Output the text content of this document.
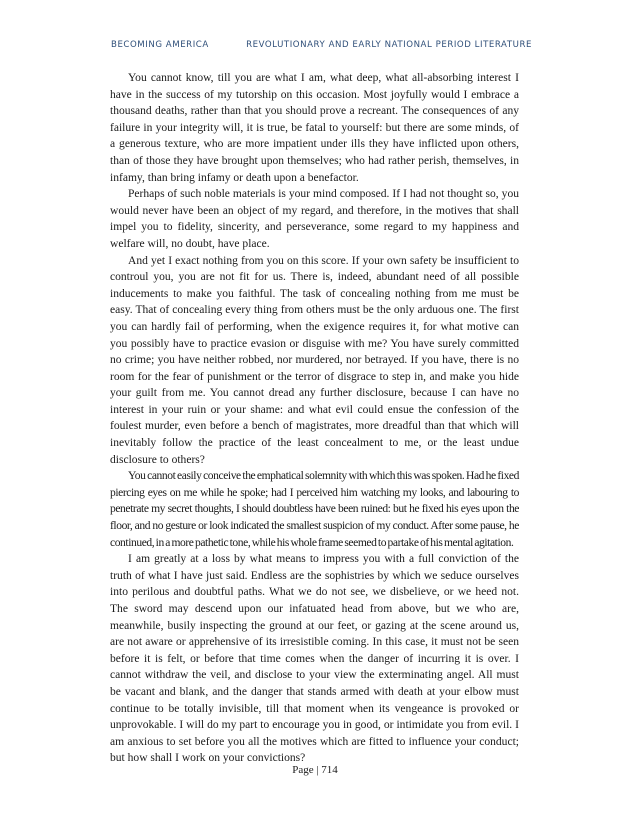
BECOMING AMERICA	REVOLUTIONARY AND EARLY NATIONAL PERIOD LITERATURE

You cannot know, till you are what I am, what deep, what all-absorbing interest I have in the success of my tutorship on this occasion. Most joyfully would I embrace a thousand deaths, rather than that you should prove a recreant. The consequences of any failure in your integrity will, it is true, be fatal to yourself: but there are some minds, of a generous texture, who are more impatient under ills they have inflicted upon others, than of those they have brought upon themselves; who had rather perish, themselves, in infamy, than bring infamy or death upon a benefactor.

Perhaps of such noble materials is your mind composed. If I had not thought so, you would never have been an object of my regard, and therefore, in the motives that shall impel you to fidelity, sincerity, and perseverance, some regard to my happiness and welfare will, no doubt, have place.

And yet I exact nothing from you on this score. If your own safety be insufficient to controul you, you are not fit for us. There is, indeed, abundant need of all possible inducements to make you faithful. The task of concealing nothing from me must be easy. That of concealing every thing from others must be the only arduous one. The first you can hardly fail of performing, when the exigence requires it, for what motive can you possibly have to practice evasion or disguise with me? You have surely committed no crime; you have neither robbed, nor murdered, nor betrayed. If you have, there is no room for the fear of punishment or the terror of disgrace to step in, and make you hide your guilt from me. You cannot dread any further disclosure, because I can have no interest in your ruin or your shame: and what evil could ensue the confession of the foulest murder, even before a bench of magistrates, more dreadful than that which will inevitably follow the practice of the least concealment to me, or the least undue disclosure to others?

You cannot easily conceive the emphatical solemnity with which this was spoken. Had he fixed piercing eyes on me while he spoke; had I perceived him watching my looks, and labouring to penetrate my secret thoughts, I should doubtless have been ruined: but he fixed his eyes upon the floor, and no gesture or look indicated the smallest suspicion of my conduct. After some pause, he continued, in a more pathetic tone, while his whole frame seemed to partake of his mental agitation.

I am greatly at a loss by what means to impress you with a full conviction of the truth of what I have just said. Endless are the sophistries by which we seduce ourselves into perilous and doubtful paths. What we do not see, we disbelieve, or we heed not. The sword may descend upon our infatuated head from above, but we who are, meanwhile, busily inspecting the ground at our feet, or gazing at the scene around us, are not aware or apprehensive of its irresistible coming. In this case, it must not be seen before it is felt, or before that time comes when the danger of incurring it is over. I cannot withdraw the veil, and disclose to your view the exterminating angel. All must be vacant and blank, and the danger that stands armed with death at your elbow must continue to be totally invisible, till that moment when its vengeance is provoked or unprovokable. I will do my part to encourage you in good, or intimidate you from evil. I am anxious to set before you all the motives which are fitted to influence your conduct; but how shall I work on your convictions?

Page | 714
